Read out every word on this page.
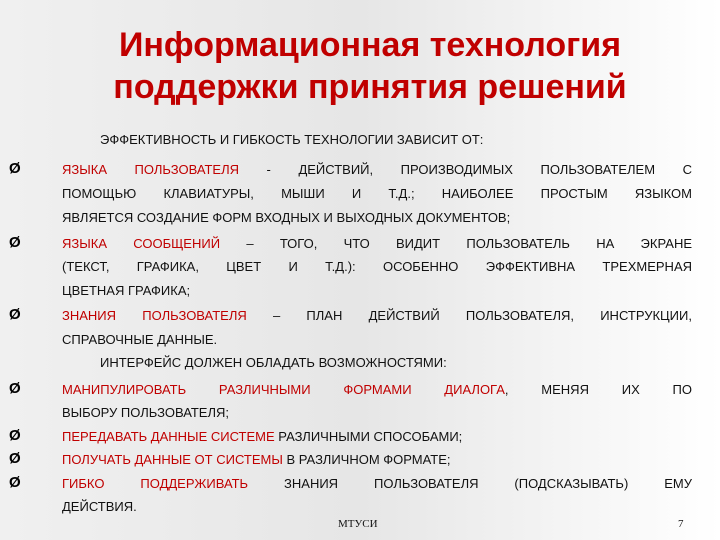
Информационная технология
поддержки принятия решений
ЭФФЕКТИВНОСТЬ И ГИБКОСТЬ ТЕХНОЛОГИИ ЗАВИСИТ ОТ:
Ø	ЯЗЫКА ПОЛЬЗОВАТЕЛЯ - ДЕЙСТВИЙ, ПРОИЗВОДИМЫХ ПОЛЬЗОВАТЕЛЕМ С
ПОМОЩЬЮ КЛАВИАТУРЫ, МЫШИ И Т.Д.; НАИБОЛЕЕ ПРОСТЫМ ЯЗЫКОМ
ЯВЛЯЕТСЯ СОЗДАНИЕ ФОРМ ВХОДНЫХ И ВЫХОДНЫХ ДОКУМЕНТОВ;
Ø	ЯЗЫКА СООБЩЕНИЙ – ТОГО, ЧТО ВИДИТ ПОЛЬЗОВАТЕЛЬ НА ЭКРАНЕ
(ТЕКСТ, ГРАФИКА, ЦВЕТ И Т.Д.): ОСОБЕННО ЭФФЕКТИВНА ТРЕХМЕРНАЯ
ЦВЕТНАЯ ГРАФИКА;
Ø	ЗНАНИЯ ПОЛЬЗОВАТЕЛЯ – ПЛАН ДЕЙСТВИЙ ПОЛЬЗОВАТЕЛЯ, ИНСТРУКЦИИ,
СПРАВОЧНЫЕ ДАННЫЕ.
ИНТЕРФЕЙС ДОЛЖЕН ОБЛАДАТЬ ВОЗМОЖНОСТЯМИ:
Ø	МАНИПУЛИРОВАТЬ РАЗЛИЧНЫМИ ФОРМАМИ ДИАЛОГА, МЕНЯЯ ИХ ПО
ВЫБОРУ ПОЛЬЗОВАТЕЛЯ;
Ø	ПЕРЕДАВАТЬ ДАННЫЕ СИСТЕМЕ РАЗЛИЧНЫМИ СПОСОБАМИ;
Ø	ПОЛУЧАТЬ ДАННЫЕ ОТ СИСТЕМЫ В РАЗЛИЧНОМ ФОРМАТЕ;
Ø	ГИБКО ПОДДЕРЖИВАТЬ ЗНАНИЯ ПОЛЬЗОВАТЕЛЯ (ПОДСКАЗЫВАТЬ) ЕМУ
ДЕЙСТВИЯ.
МТУСИ	7
